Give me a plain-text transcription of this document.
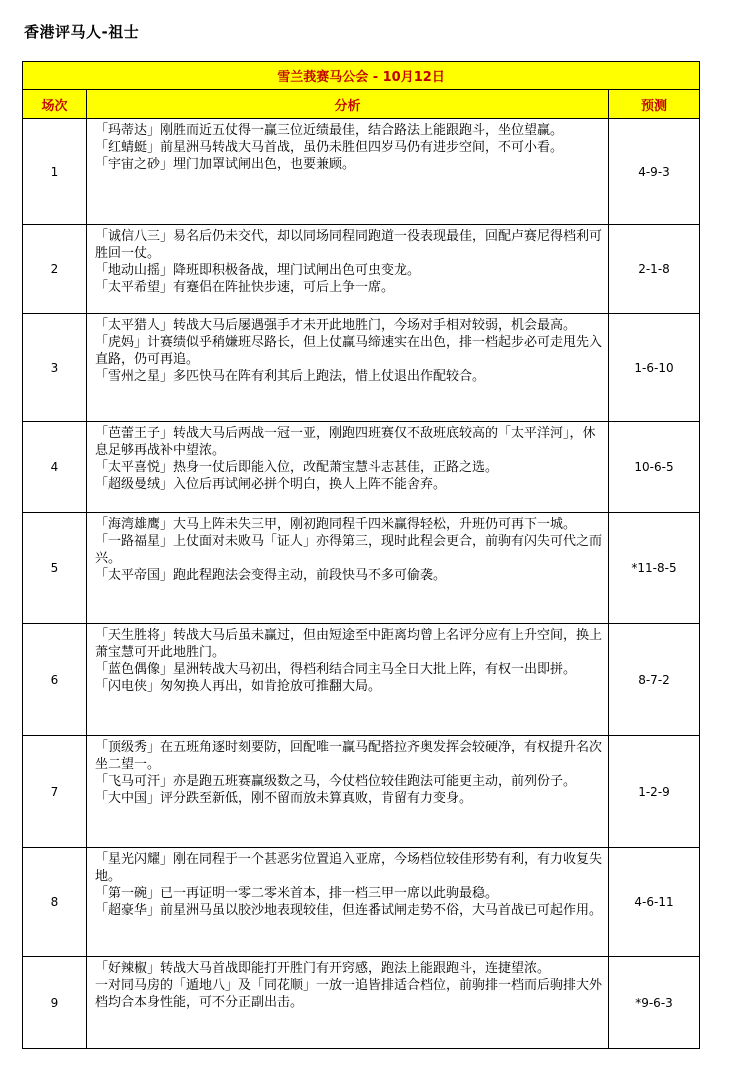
香港评马人-祖士
雪兰莪赛马公会 - 10月12日		
场次	分析	预测
1	「玛蒂达」刚胜而近五仗得一赢三位近绩最佳，结合路法上能跟跑斗，坐位望赢。
「红蜻蜓」前星洲马转战大马首战，虽仍未胜但四岁马仍有进步空间，不可小看。
「宇宙之砂」埋门加罩试闸出色，也要兼顾。	4-9-3
2	「诚信八三」易名后仍未交代，却以同场同程同跑道一役表现最佳，回配卢赛尼得档利可胜回一仗。
「地动山摇」降班即积极备战，埋门试闸出色可虫变龙。
「太平希望」有蹇侣在阵扯快步速，可后上争一席。	2-1-8
3	「太平猎人」转战大马后屡遇强手才未开此地胜门，今场对手相对较弱，机会最高。
「虎妈」计赛绩似乎稍嫌班尽路长，但上仗赢马缔速实在出色，排一档起步必可走甩先入直路，仍可再追。
「雪州之星」多匹快马在阵有利其后上跑法，惜上仗退出作配较合。	1-6-10
4	「芭蕾王子」转战大马后两战一冠一亚，刚跑四班赛仅不敌班底较高的「太平洋河」，休息足够再战补中望浓。
「太平喜悦」热身一仗后即能入位，改配萧宝慧斗志甚佳，正路之选。
「超级曼绒」入位后再试闸必拼个明白，换人上阵不能舍弃。	10-6-5
5	「海湾雄鹰」大马上阵未失三甲，刚初跑同程千四米赢得轻松，升班仍可再下一城。
「一路福星」上仗面对未败马「证人」亦得第三，现时此程会更合，前驹有闪失可代之而兴。
「太平帝国」跑此程跑法会变得主动，前段快马不多可偷袭。	*11-8-5
6	「天生胜将」转战大马后虽未赢过，但由短途至中距离均曾上名评分应有上升空间，换上萧宝慧可开此地胜门。
「蓝色偶像」星洲转战大马初出，得档利结合同主马全日大批上阵，有权一出即拼。
「闪电侠」匆匆换人再出，如肯抢放可推翻大局。	8-7-2
7	「顶级秀」在五班角逐时刻要防，回配唯一赢马配搭拉齐奥发挥会较硬净，有权提升名次坐二望一。
「飞马可汗」亦是跑五班赛赢级数之马，今仗档位较佳跑法可能更主动，前列份子。
「大中国」评分跌至新低，刚不留而放未算真败，肯留有力变身。	1-2-9
8	「星光闪耀」刚在同程于一个甚恶劣位置追入亚席，今场档位较佳形势有利，有力收复失地。
「第一碗」已一再证明一零二零米首本，排一档三甲一席以此驹最稳。
「超豪华」前星洲马虽以胶沙地表现较佳，但连番试闸走势不俗，大马首战已可起作用。	4-6-11
9	「好辣椒」转战大马首战即能打开胜门有开窍感，跑法上能跟跑斗，连捷望浓。
一对同马房的「遁地八」及「同花顺」一放一追皆排适合档位，前驹排一档而后驹排大外档均合本身性能，可不分正副出击。	*9-6-3
